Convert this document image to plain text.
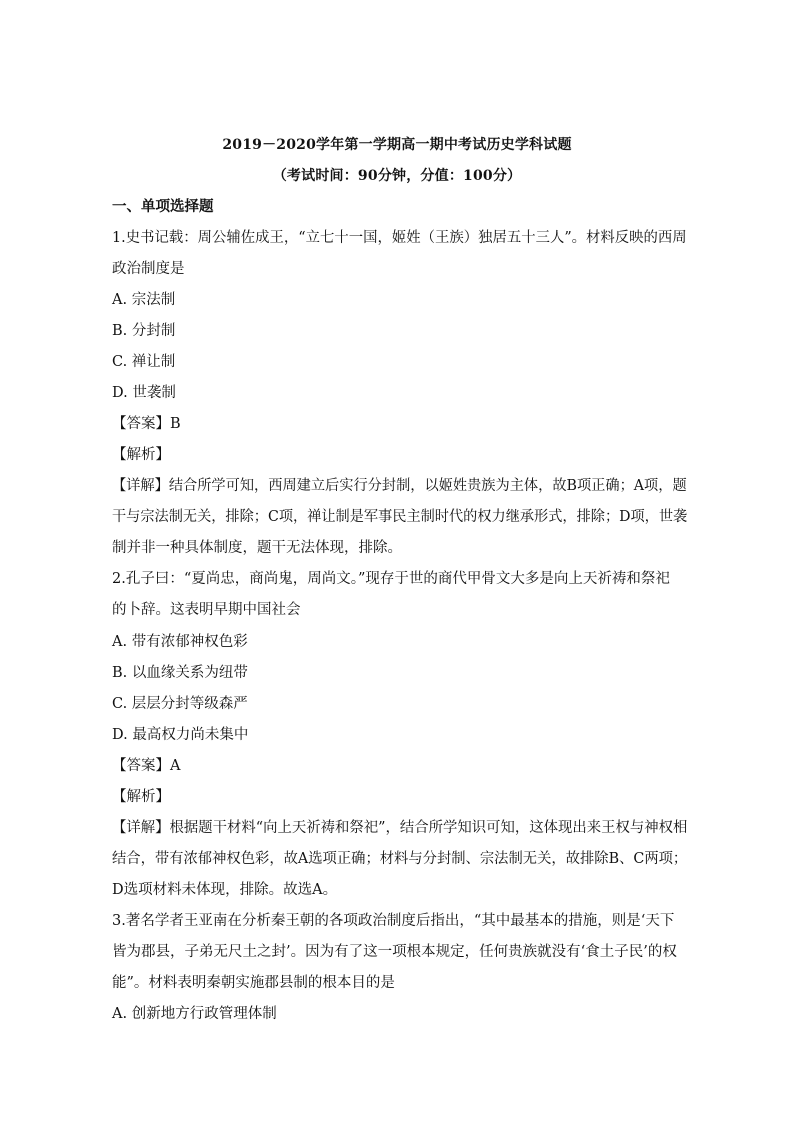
2019－2020学年第一学期高一期中考试历史学科试题
（考试时间：90分钟，分值：100分）
一、单项选择题
1.史书记载：周公辅佐成王，“立七十一国，姬姓（王族）独居五十三人”。材料反映的西周
政治制度是
A. 宗法制
B. 分封制
C. 禅让制
D. 世袭制
【答案】B
【解析】
【详解】结合所学可知，西周建立后实行分封制，以姬姓贵族为主体，故B项正确；A项，题
干与宗法制无关，排除；C项，禅让制是军事民主制时代的权力继承形式，排除；D项，世袭
制并非一种具体制度，题干无法体现，排除。
2.孔子曰：“夏尚忠，商尚鬼，周尚文。”现存于世的商代甲骨文大多是向上天祈祷和祭祀
的卜辞。这表明早期中国社会
A. 带有浓郁神权色彩
B. 以血缘关系为纽带
C. 层层分封等级森严
D. 最高权力尚未集中
【答案】A
【解析】
【详解】根据题干材料“向上天祈祷和祭祀”，结合所学知识可知，这体现出来王权与神权相
结合，带有浓郁神权色彩，故A选项正确；材料与分封制、宗法制无关，故排除B、C两项；
D选项材料未体现，排除。故选A。
3.著名学者王亚南在分析秦王朝的各项政治制度后指出，“其中最基本的措施，则是‘天下
皆为郡县，子弟无尺土之封’。因为有了这一项根本规定，任何贵族就没有‘食土子民’的权
能”。材料表明秦朝实施郡县制的根本目的是
A. 创新地方行政管理体制
